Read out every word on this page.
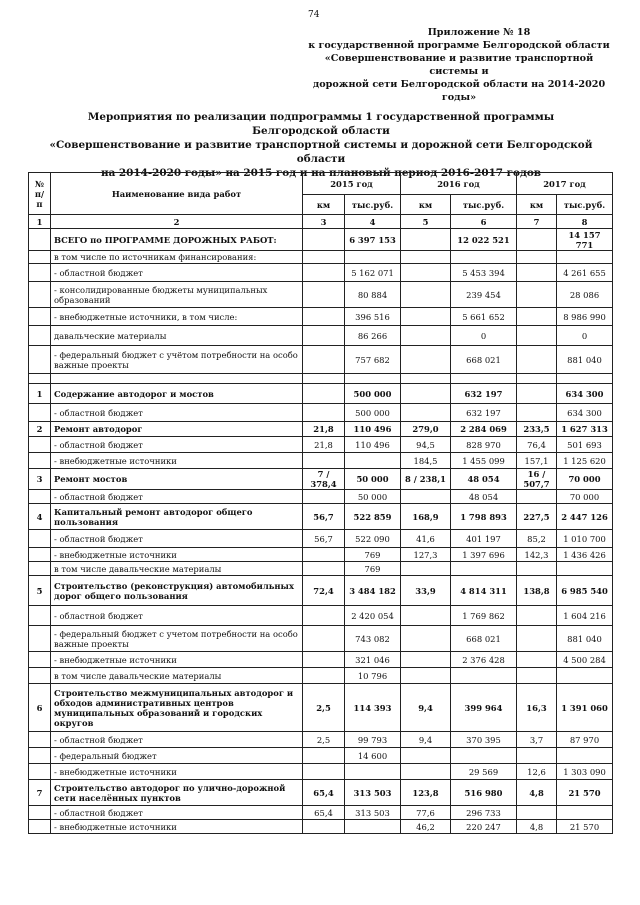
74
Приложение № 18
к государственной программе Белгородской области
«Совершенствование и развитие транспортной системы и
дорожной сети Белгородской области на 2014-2020 годы»
Мероприятия по реализации подпрограммы 1 государственной программы Белгородской области
«Совершенствование и развитие транспортной системы и дорожной сети Белгородской области
на 2014-2020 годы» на 2015 год и на плановый период 2016-2017 годов
№ п/п	Наименование вида работ	2015 год		2016 год		2017 год	
		км	тыс.руб.	км	тыс.руб.	км	тыс.руб.
1	2	3	4	5	6	7	8
	ВСЕГО по ПРОГРАММЕ ДОРОЖНЫХ РАБОТ:		6 397 153		12 022 521		14 157 771
	в том числе по источникам финансирования:						
	- областной бюджет		5 162 071		5 453 394		4 261 655
	- консолидированные бюджеты муниципальных образований		80 884		239 454		28 086
	- внебюджетные источники, в том числе:		396 516		5 661 652		8 986 990
	давальческие материалы		86 266		0		0
	- федеральный бюджет с учётом потребности на особо важные проекты		757 682		668 021		881 040

1	Содержание автодорог и мостов		500 000		632 197		634 300
	- областной бюджет		500 000		632 197		634 300
2	Ремонт автодорог	21,8	110 496	279,0	2 284 069	233,5	1 627 313
	- областной бюджет	21,8	110 496	94,5	828 970	76,4	501 693
	- внебюджетные источники			184,5	1 455 099	157,1	1 125 620
3	Ремонт мостов	7 / 378,4	50 000	8 / 238,1	48 054	16 / 507,7	70 000
	- областной бюджет		50 000		48 054		70 000
4	Капитальный ремонт автодорог общего пользования	56,7	522 859	168,9	1 798 893	227,5	2 447 126
	- областной бюджет	56,7	522 090	41,6	401 197	85,2	1 010 700
	- внебюджетные источники		769	127,3	1 397 696	142,3	1 436 426
	в том числе давальческие материалы		769				
5	Строительство (реконструкция) автомобильных дорог общего пользования	72,4	3 484 182	33,9	4 814 311	138,8	6 985 540
	- областной бюджет		2 420 054		1 769 862		1 604 216
	- федеральный бюджет с учетом потребности на особо важные проекты		743 082		668 021		881 040
	- внебюджетные источники		321 046		2 376 428		4 500 284
	в том числе давальческие материалы		10 796				
6	Строительство межмуниципальных автодорог и обходов административных центров муниципальных образований и городских округов	2,5	114 393	9,4	399 964	16,3	1 391 060
	- областной бюджет	2,5	99 793	9,4	370 395	3,7	87 970
	- федеральный бюджет		14 600				
	- внебюджетные источники				29 569	12,6	1 303 090
7	Строительство автодорог по улично-дорожной сети населённых пунктов	65,4	313 503	123,8	516 980	4,8	21 570
	- областной бюджет	65,4	313 503	77,6	296 733		
	- внебюджетные источники			46,2	220 247	4,8	21 570
